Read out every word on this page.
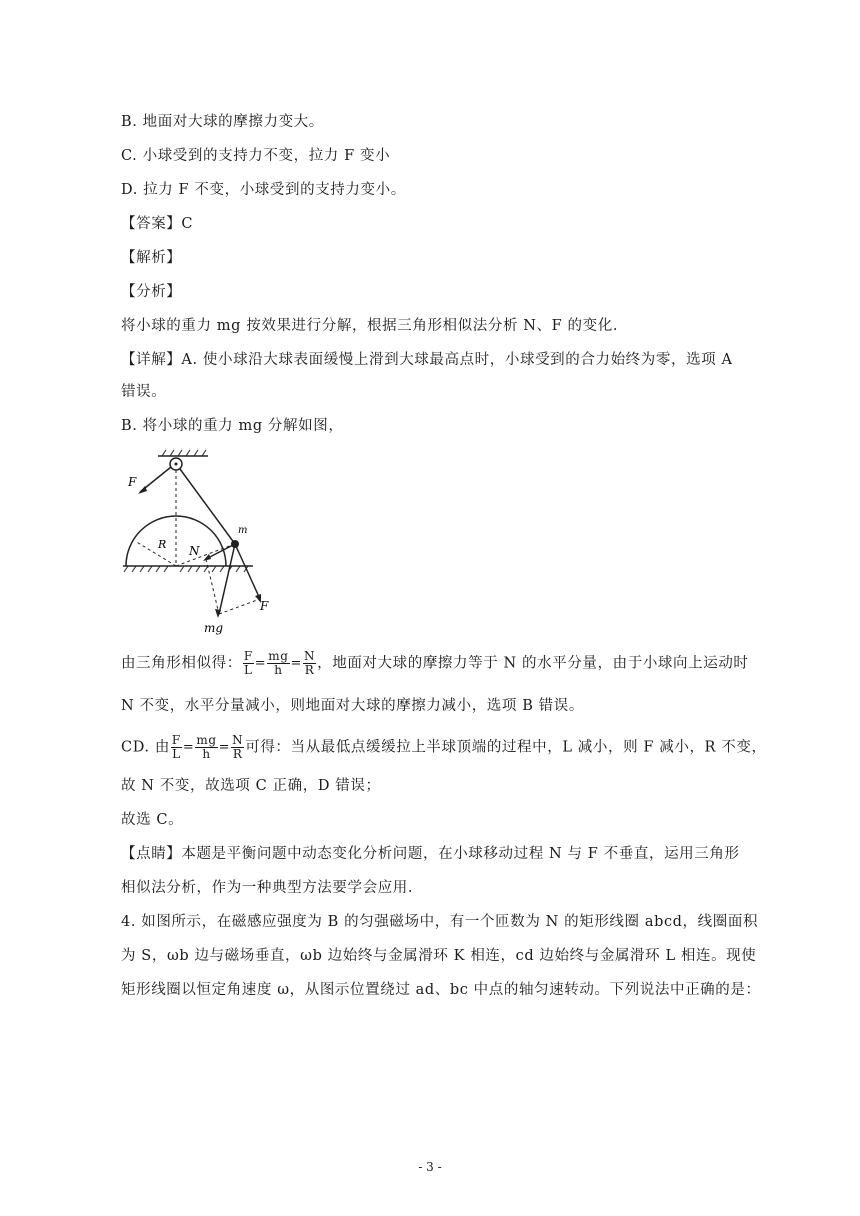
B. 地面对大球的摩擦力变大。
C. 小球受到的支持力不变，拉力 F 变小
D. 拉力 F 不变，小球受到的支持力变小。
【答案】C
【解析】
【分析】
将小球的重力 mg 按效果进行分解，根据三角形相似法分析 N、F 的变化.
【详解】A. 使小球沿大球表面缓慢上滑到大球最高点时，小球受到的合力始终为零，选项 A
错误。
B. 将小球的重力 mg 分解如图，
F
R
m
N
F
mg
由三角形相似得： $\frac{F}{L} = \frac{mg}{h} = \frac{N}{R}$ ，地面对大球的摩擦力等于 N 的水平分量，由于小球向上运动时
N 不变，水平分量减小，则地面对大球的摩擦力减小，选项 B 错误。
CD. 由 $\frac{F}{L} = \frac{mg}{h} = \frac{N}{R}$ 可得：当从最低点缓缓拉上半球顶端的过程中，L 减小，则 F 减小，R 不变，
故 N 不变，故选项 C 正确，D 错误；
故选 C。
【点睛】本题是平衡问题中动态变化分析问题，在小球移动过程 N 与 F 不垂直，运用三角形
相似法分析，作为一种典型方法要学会应用.
4. 如图所示，在磁感应强度为 B 的匀强磁场中，有一个匝数为 N 的矩形线圈 abcd，线圈面积
为 S，ωb 边与磁场垂直，ωb 边始终与金属滑环 K 相连，cd 边始终与金属滑环 L 相连。现使
矩形线圈以恒定角速度 ω，从图示位置绕过 ad、bc 中点的轴匀速转动。下列说法中正确的是：
- 3 -
